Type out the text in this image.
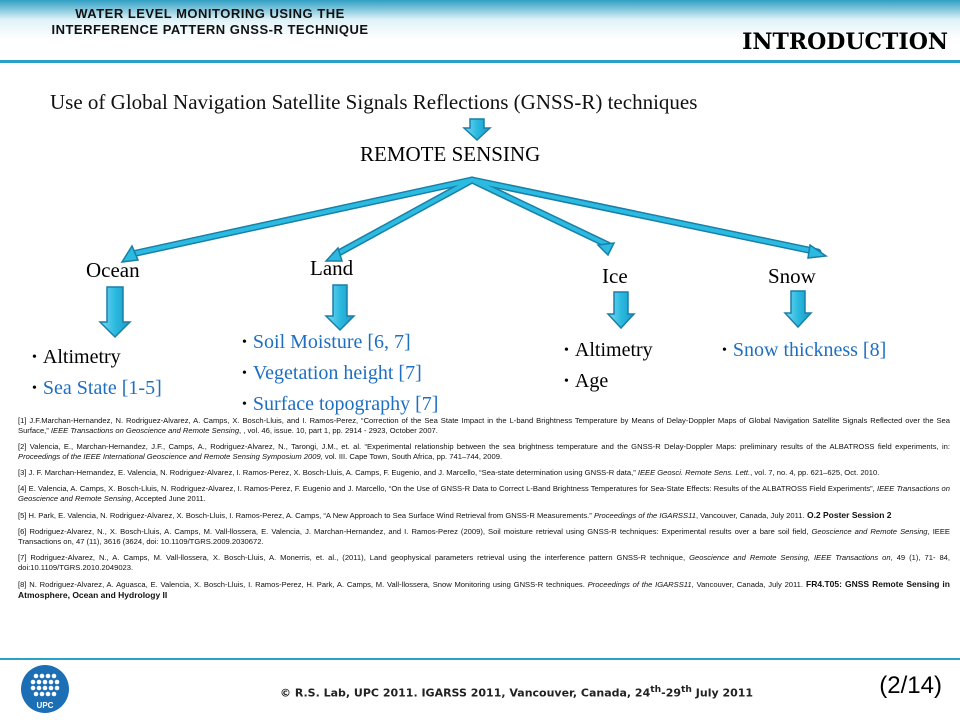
WATER LEVEL MONITORING USING THE
INTERFERENCE PATTERN GNSS-R TECHNIQUE	INTRODUCTION
Use of Global Navigation Satellite Signals Reflections (GNSS-R) techniques
REMOTE SENSING
Ocean	Land	Ice	Snow
• Altimetry
• Sea State [1-5]
• Soil Moisture [6, 7]
• Vegetation height [7]
• Surface topography [7]
• Altimetry
• Age
• Snow thickness [8]

[1] J.F.Marchan-Hernandez, N. Rodriguez-Alvarez, A. Camps, X. Bosch-Lluis, and I. Ramos-Perez, “Correction of the Sea State Impact in the L-band Brightness Temperature by Means of Delay-Doppler Maps of Global Navigation Satellite Signals Reflected over the Sea Surface,” IEEE Transactions on Geoscience and Remote Sensing, , vol. 46, issue. 10, part 1, pp. 2914 - 2923, October 2007.

[2] Valencia, E., Marchan-Hernandez, J.F., Camps, A., Rodriguez-Alvarez, N., Tarongi, J.M., et. al. “Experimental relationship between the sea brightness temperature and the GNSS-R Delay-Doppler Maps: preliminary results of the ALBATROSS field experiments, in: Proceedings of the IEEE International Geoscience and Remote Sensing Symposium 2009, vol. III. Cape Town, South Africa, pp. 741–744, 2009.

[3] J. F. Marchan-Hernandez, E. Valencia, N. Rodriguez-Alvarez, I. Ramos-Perez, X. Bosch-Lluis, A. Camps, F. Eugenio, and J. Marcello, “Sea-state determination using GNSS-R data,” IEEE Geosci. Remote Sens. Lett., vol. 7, no. 4, pp. 621–625, Oct. 2010.

[4] E. Valencia, A. Camps, X. Bosch-Lluis, N. Rodriguez-Alvarez, I. Ramos-Perez, F. Eugenio and J. Marcello, “On the Use of GNSS-R Data to Correct L-Band Brightness Temperatures for Sea-State Effects: Results of the ALBATROSS Field Experiments”, IEEE Transactions on Geoscience and Remote Sensing, Accepted June 2011.

[5] H. Park, E. Valencia, N. Rodriguez-Alvarez, X. Bosch-Lluis, I. Ramos-Perez, A. Camps, “A New Approach to Sea Surface Wind Retrieval from GNSS-R Measurements.” Proceedings of the IGARSS11, Vancouver, Canada, July 2011. O.2 Poster Session 2

[6] Rodriguez-Alvarez, N., X. Bosch-Lluis, A. Camps, M. Vall-llossera, E. Valencia, J. Marchan-Hernandez, and I. Ramos-Perez (2009), Soil moisture retrieval using GNSS-R techniques: Experimental results over a bare soil field, Geoscience and Remote Sensing, IEEE Transactions on, 47 (11), 3616 (3624, doi: 10.1109/TGRS.2009.2030672.

[7] Rodriguez-Alvarez, N., A. Camps, M. Vall-llossera, X. Bosch-Lluis, A. Monerris, et. al., (2011), Land geophysical parameters retrieval using the interference pattern GNSS-R technique, Geoscience and Remote Sensing, IEEE Transactions on, 49 (1), 71- 84, doi:10.1109/TGRS.2010.2049023.

[8] N. Rodriguez-Alvarez, A. Aguasca, E. Valencia, X. Bosch-Lluis, I. Ramos-Perez, H. Park, A. Camps, M. Vall-llossera, Snow Monitoring using GNSS-R techniques. Proceedings of the IGARSS11, Vancouver, Canada, July 2011. FR4.T05: GNSS Remote Sensing in Atmosphere, Ocean and Hydrology II

UPC
© R.S. Lab, UPC 2011. IGARSS 2011, Vancouver, Canada, 24th-29th July 2011	(2/14)
